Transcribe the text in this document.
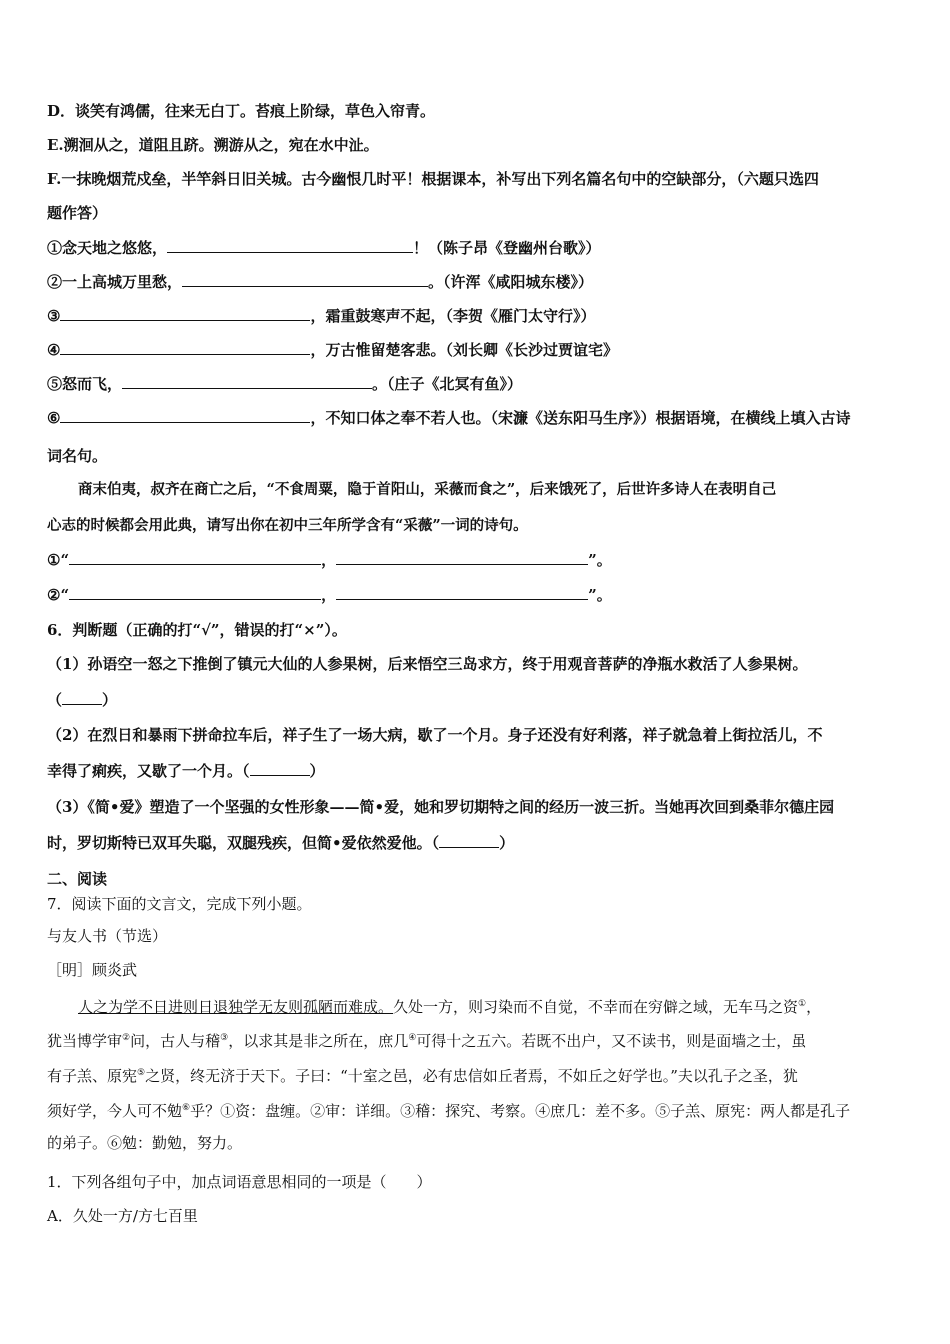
D．谈笑有鸿儒，往来无白丁。苔痕上阶绿，草色入帘青。
E.溯洄从之，道阻且跻。溯游从之，宛在水中沚。
F.一抹晚烟荒戍垒，半竿斜日旧关城。古今幽恨几时平！根据课本，补写出下列名篇名句中的空缺部分，（六题只选四
题作答）
①念天地之悠悠，	！（陈子昂《登幽州台歌》）
②一上高城万里愁，	。（许浑《咸阳城东楼》）
③	，霜重鼓寒声不起，（李贺《雁门太守行》）
④	，万古惟留楚客悲。（刘长卿《长沙过贾谊宅》
⑤怒而飞，	。（庄子《北冥有鱼》）
⑥	，不知口体之奉不若人也。（宋濂《送东阳马生序》）根据语境，在横线上填入古诗
词名句。
商末伯夷，叔齐在商亡之后，“不食周粟，隐于首阳山，采薇而食之”，后来饿死了，后世许多诗人在表明自己
心志的时候都会用此典，请写出你在初中三年所学含有“采薇”一词的诗句。
①“	，	”。
②“	，	”。
6．判断题（正确的打“√”，错误的打“×”）。
（1）孙语空一怒之下推倒了镇元大仙的人参果树，后来悟空三岛求方，终于用观音菩萨的净瓶水救活了人参果树。
（	）
（2）在烈日和暴雨下拼命拉车后，祥子生了一场大病，歇了一个月。身子还没有好利落，祥子就急着上街拉活儿，不
幸得了痢疾，又歇了一个月。（	）
（3）《简•爱》塑造了一个坚强的女性形象——简•爱，她和罗切期特之间的经历一波三折。当她再次回到桑菲尔德庄园
时，罗切斯特已双耳失聪，双腿残疾，但简•爱依然爱他。（	）
二、阅读
7．阅读下面的文言文，完成下列小题。
与友人书（节选）
［明］顾炎武
人之为学不日进则日退独学无友则孤陋而难成。久处一方，则习染而不自觉，不幸而在穷僻之域，无车马之资①，
犹当博学审②问，古人与稽③，以求其是非之所在，庶几④可得十之五六。若既不出户，又不读书，则是面墙之士，虽
有子羔、原宪⑤之贤，终无济于天下。子曰：“十室之邑，必有忠信如丘者焉，不如丘之好学也。”夫以孔子之圣，犹
须好学，今人可不勉⑥乎？①资：盘缠。②审：详细。③稽：探究、考察。④庶几：差不多。⑤子羔、原宪：两人都是孔子
的弟子。⑥勉：勤勉，努力。
1．下列各组句子中，加点词语意思相同的一项是（　　）
A．久处一方/方七百里
